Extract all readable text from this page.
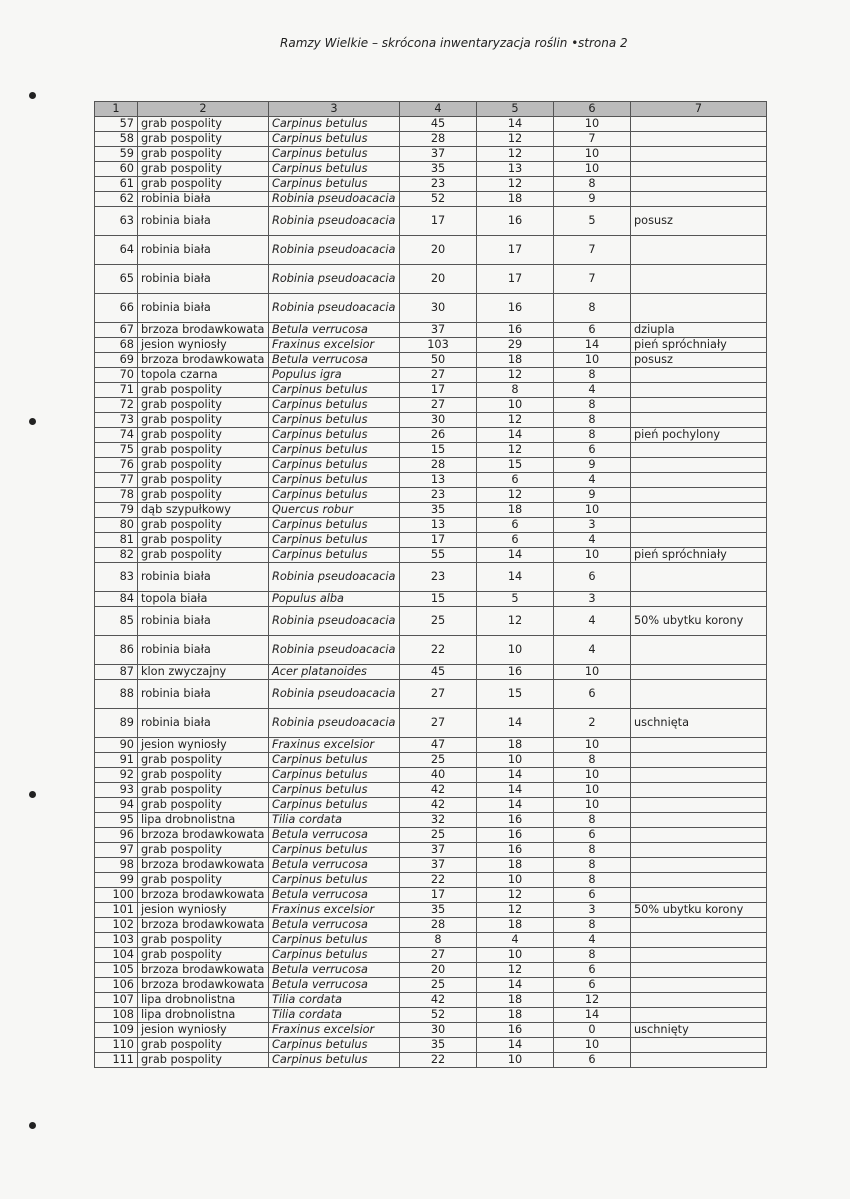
Ramzy Wielkie – skrócona inwentaryzacja roślin • strona 2
1	2	3	4	5	6	7
57	grab pospolity	Carpinus betulus	45	14	10	
58	grab pospolity	Carpinus betulus	28	12	7	
59	grab pospolity	Carpinus betulus	37	12	10	
60	grab pospolity	Carpinus betulus	35	13	10	
61	grab pospolity	Carpinus betulus	23	12	8	
62	robinia biała	Robinia pseudoacacia	52	18	9	
63	robinia biała	Robinia pseudoacacia	17	16	5	posusz
64	robinia biała	Robinia pseudoacacia	20	17	7	
65	robinia biała	Robinia pseudoacacia	20	17	7	
66	robinia biała	Robinia pseudoacacia	30	16	8	
67	brzoza brodawkowata	Betula verrucosa	37	16	6	dziupla
68	jesion wyniosły	Fraxinus excelsior	103	29	14	pień spróchniały
69	brzoza brodawkowata	Betula verrucosa	50	18	10	posusz
70	topola czarna	Populus igra	27	12	8	
71	grab pospolity	Carpinus betulus	17	8	4	
72	grab pospolity	Carpinus betulus	27	10	8	
73	grab pospolity	Carpinus betulus	30	12	8	
74	grab pospolity	Carpinus betulus	26	14	8	pień pochylony
75	grab pospolity	Carpinus betulus	15	12	6	
76	grab pospolity	Carpinus betulus	28	15	9	
77	grab pospolity	Carpinus betulus	13	6	4	
78	grab pospolity	Carpinus betulus	23	12	9	
79	dąb szypułkowy	Quercus robur	35	18	10	
80	grab pospolity	Carpinus betulus	13	6	3	
81	grab pospolity	Carpinus betulus	17	6	4	
82	grab pospolity	Carpinus betulus	55	14	10	pień spróchniały
83	robinia biała	Robinia pseudoacacia	23	14	6	
84	topola biała	Populus alba	15	5	3	
85	robinia biała	Robinia pseudoacacia	25	12	4	50% ubytku korony
86	robinia biała	Robinia pseudoacacia	22	10	4	
87	klon zwyczajny	Acer platanoides	45	16	10	
88	robinia biała	Robinia pseudoacacia	27	15	6	
89	robinia biała	Robinia pseudoacacia	27	14	2	uschnięta
90	jesion wyniosły	Fraxinus excelsior	47	18	10	
91	grab pospolity	Carpinus betulus	25	10	8	
92	grab pospolity	Carpinus betulus	40	14	10	
93	grab pospolity	Carpinus betulus	42	14	10	
94	grab pospolity	Carpinus betulus	42	14	10	
95	lipa drobnolistna	Tilia cordata	32	16	8	
96	brzoza brodawkowata	Betula verrucosa	25	16	6	
97	grab pospolity	Carpinus betulus	37	16	8	
98	brzoza brodawkowata	Betula verrucosa	37	18	8	
99	grab pospolity	Carpinus betulus	22	10	8	
100	brzoza brodawkowata	Betula verrucosa	17	12	6	
101	jesion wyniosły	Fraxinus excelsior	35	12	3	50% ubytku korony
102	brzoza brodawkowata	Betula verrucosa	28	18	8	
103	grab pospolity	Carpinus betulus	8	4	4	
104	grab pospolity	Carpinus betulus	27	10	8	
105	brzoza brodawkowata	Betula verrucosa	20	12	6	
106	brzoza brodawkowata	Betula verrucosa	25	14	6	
107	lipa drobnolistna	Tilia cordata	42	18	12	
108	lipa drobnolistna	Tilia cordata	52	18	14	
109	jesion wyniosły	Fraxinus excelsior	30	16	0	uschnięty
110	grab pospolity	Carpinus betulus	35	14	10	
111	grab pospolity	Carpinus betulus	22	10	6	
